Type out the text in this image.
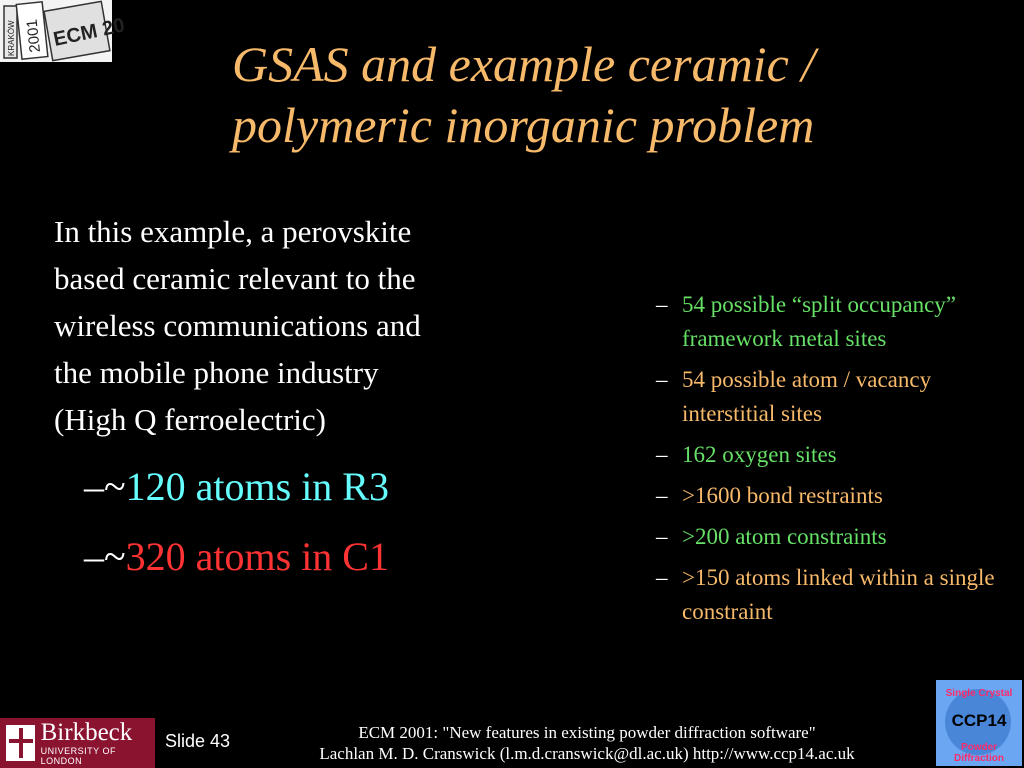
KRAKÓW 2001 ECM 20
GSAS and example ceramic /
polymeric inorganic problem
In this example, a perovskite
based ceramic relevant to the
wireless communications and
the mobile phone industry
(High Q ferroelectric)
–~120 atoms in R3
–~320 atoms in C1
– 54 possible “split occupancy” framework metal sites
– 54 possible atom / vacancy interstitial sites
– 162 oxygen sites
– >1600 bond restraints
– >200 atom constraints
– >150 atoms linked within a single constraint
Birkbeck
UNIVERSITY OF LONDON
Slide 43	ECM 2001: "New features in existing powder diffraction software"
Lachlan M. D. Cranswick (l.m.d.cranswick@dl.ac.uk) http://www.ccp14.ac.uk
Single Crystal
CCP14
Powder Diffraction
